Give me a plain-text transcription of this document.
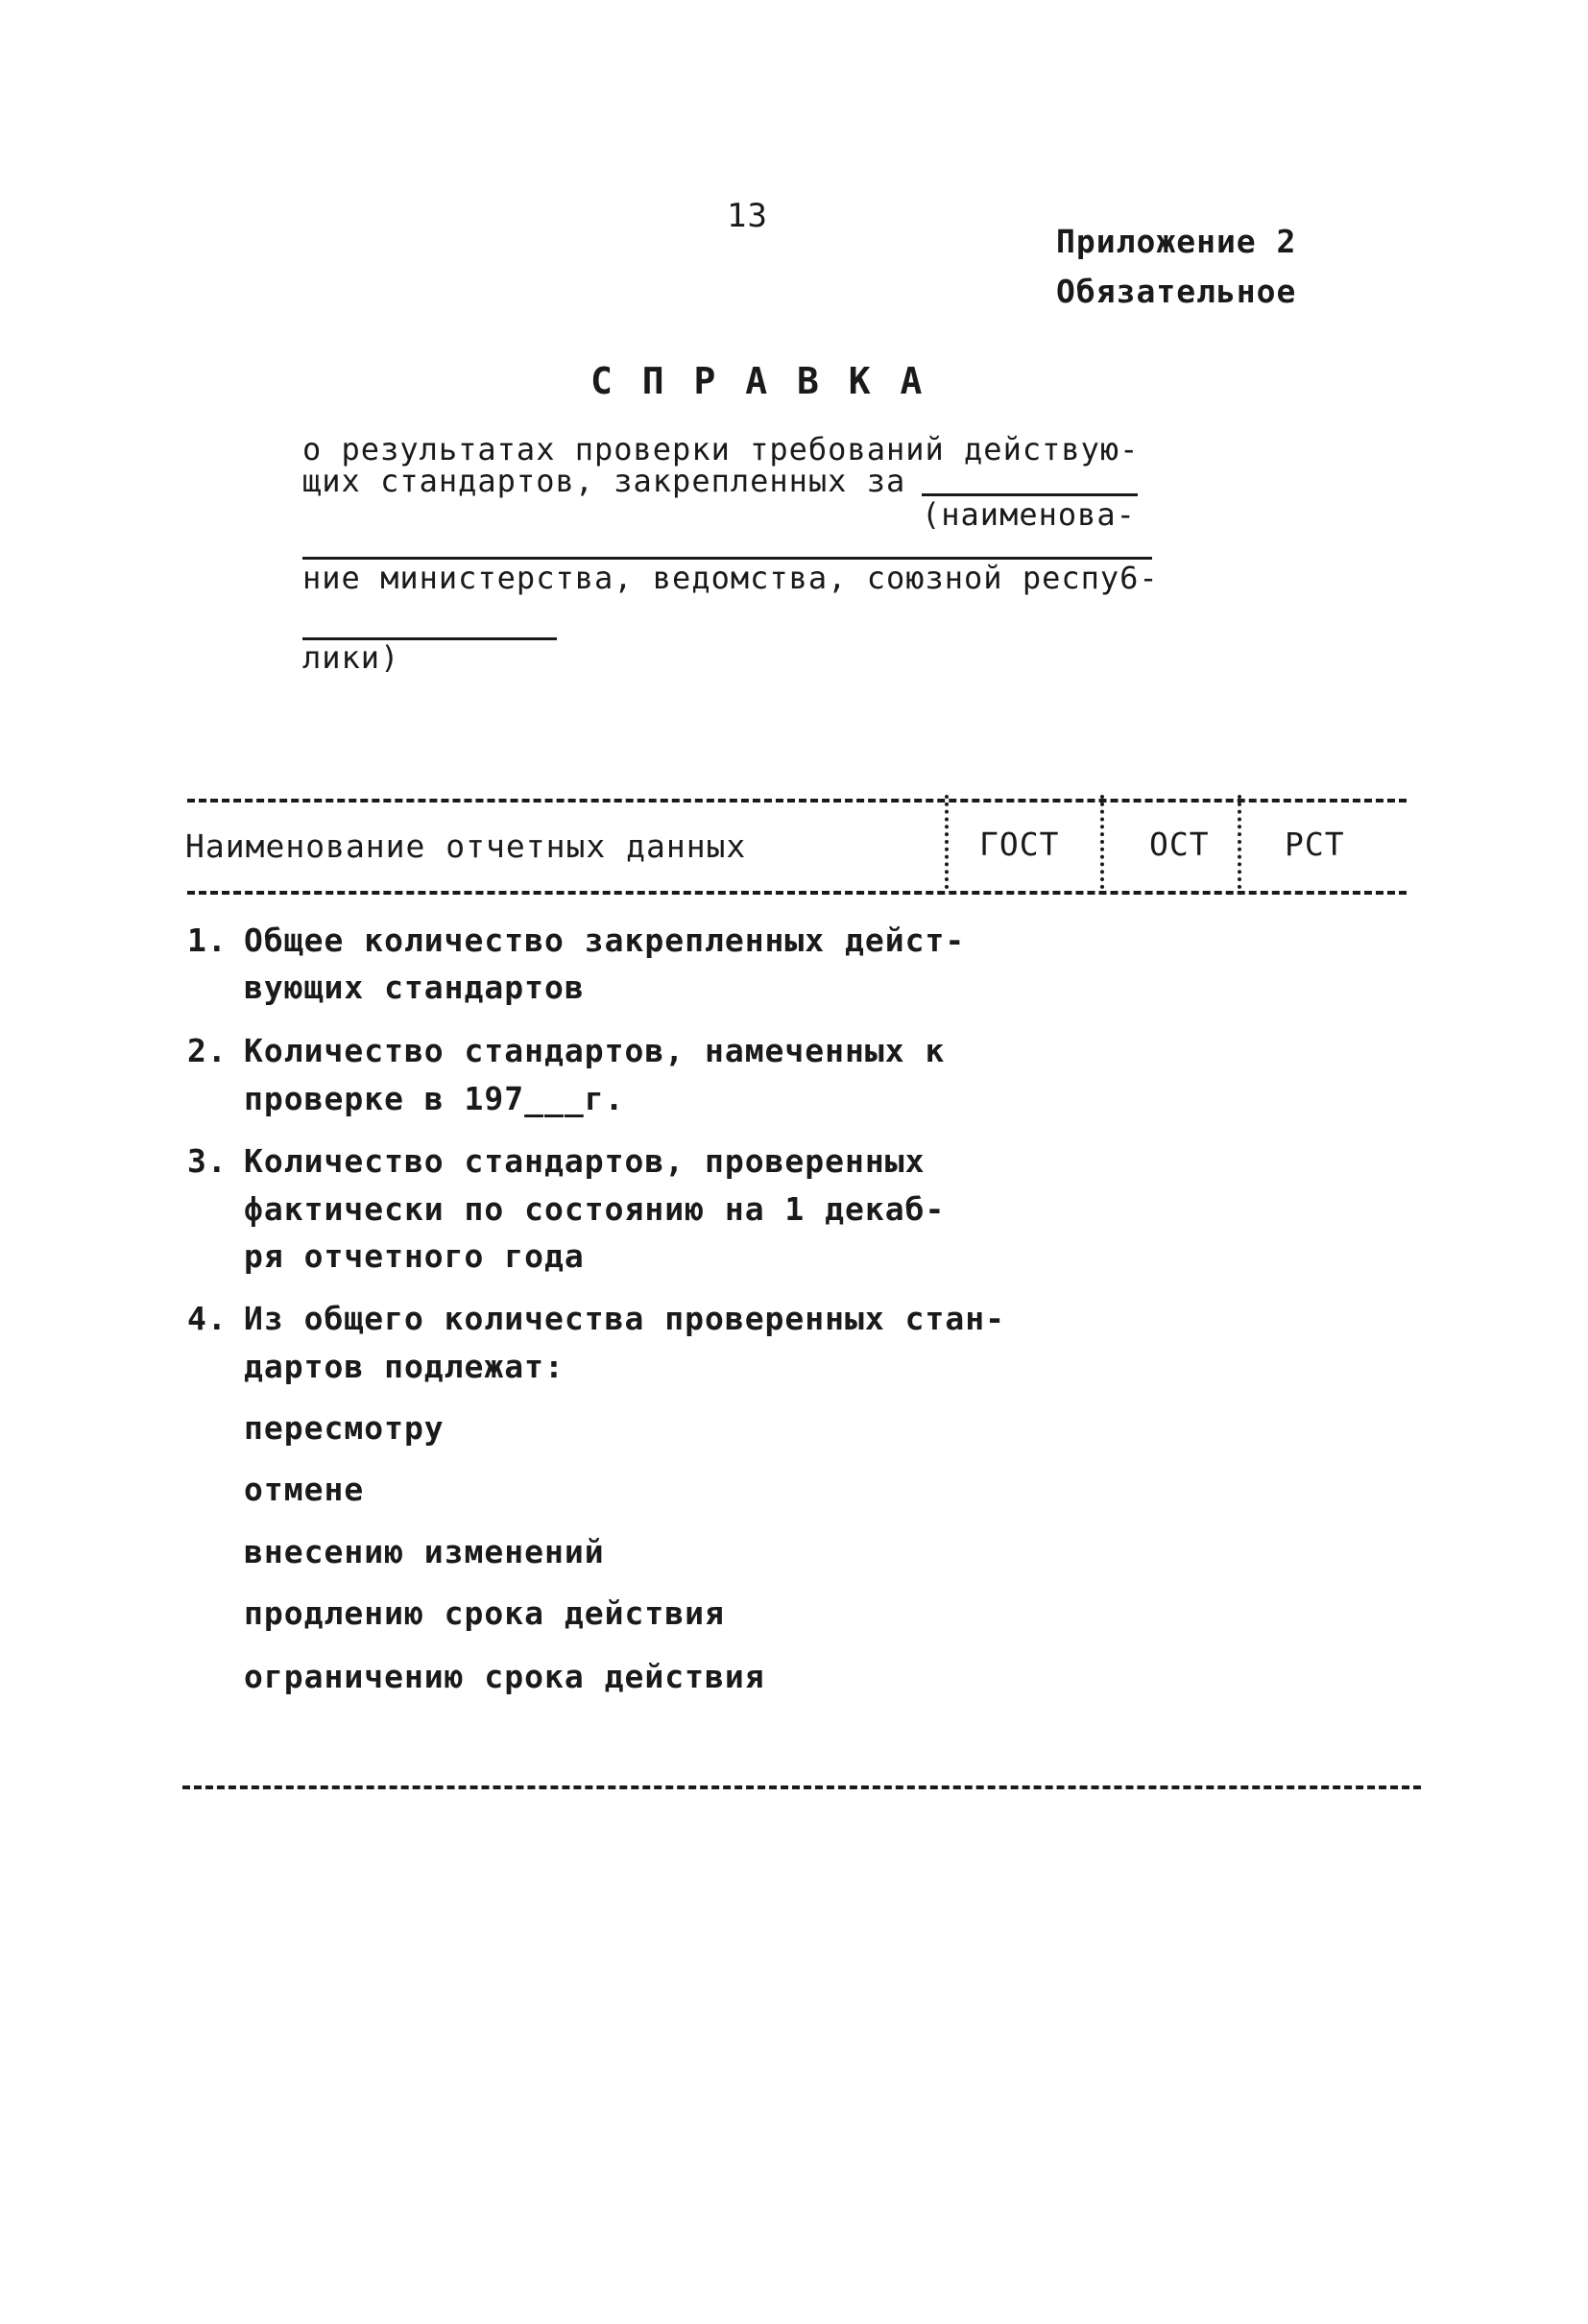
13
Приложение 2
Обязательное
С П Р А В К А
о результатах проверки требований действую-
щих стандартов, закрепленных за
(наименова-
ние министерства, ведомства, союзной респу6-
лики)
Наименование отчетных данных	ГОСТ	ОСТ РСТ
1. Общее количество закрепленных дейст-
вующих стандартов
2. Количество стандартов, намеченных к
проверке в 197___г.
3. Количество стандартов, проверенных
фактически по состоянию на 1 декаб-
ря отчетного года
4. Из общего количества проверенных стан-
дартов подлежат:
пересмотру
отмене
внесению изменений
продлению срока действия
ограничению срока действия
